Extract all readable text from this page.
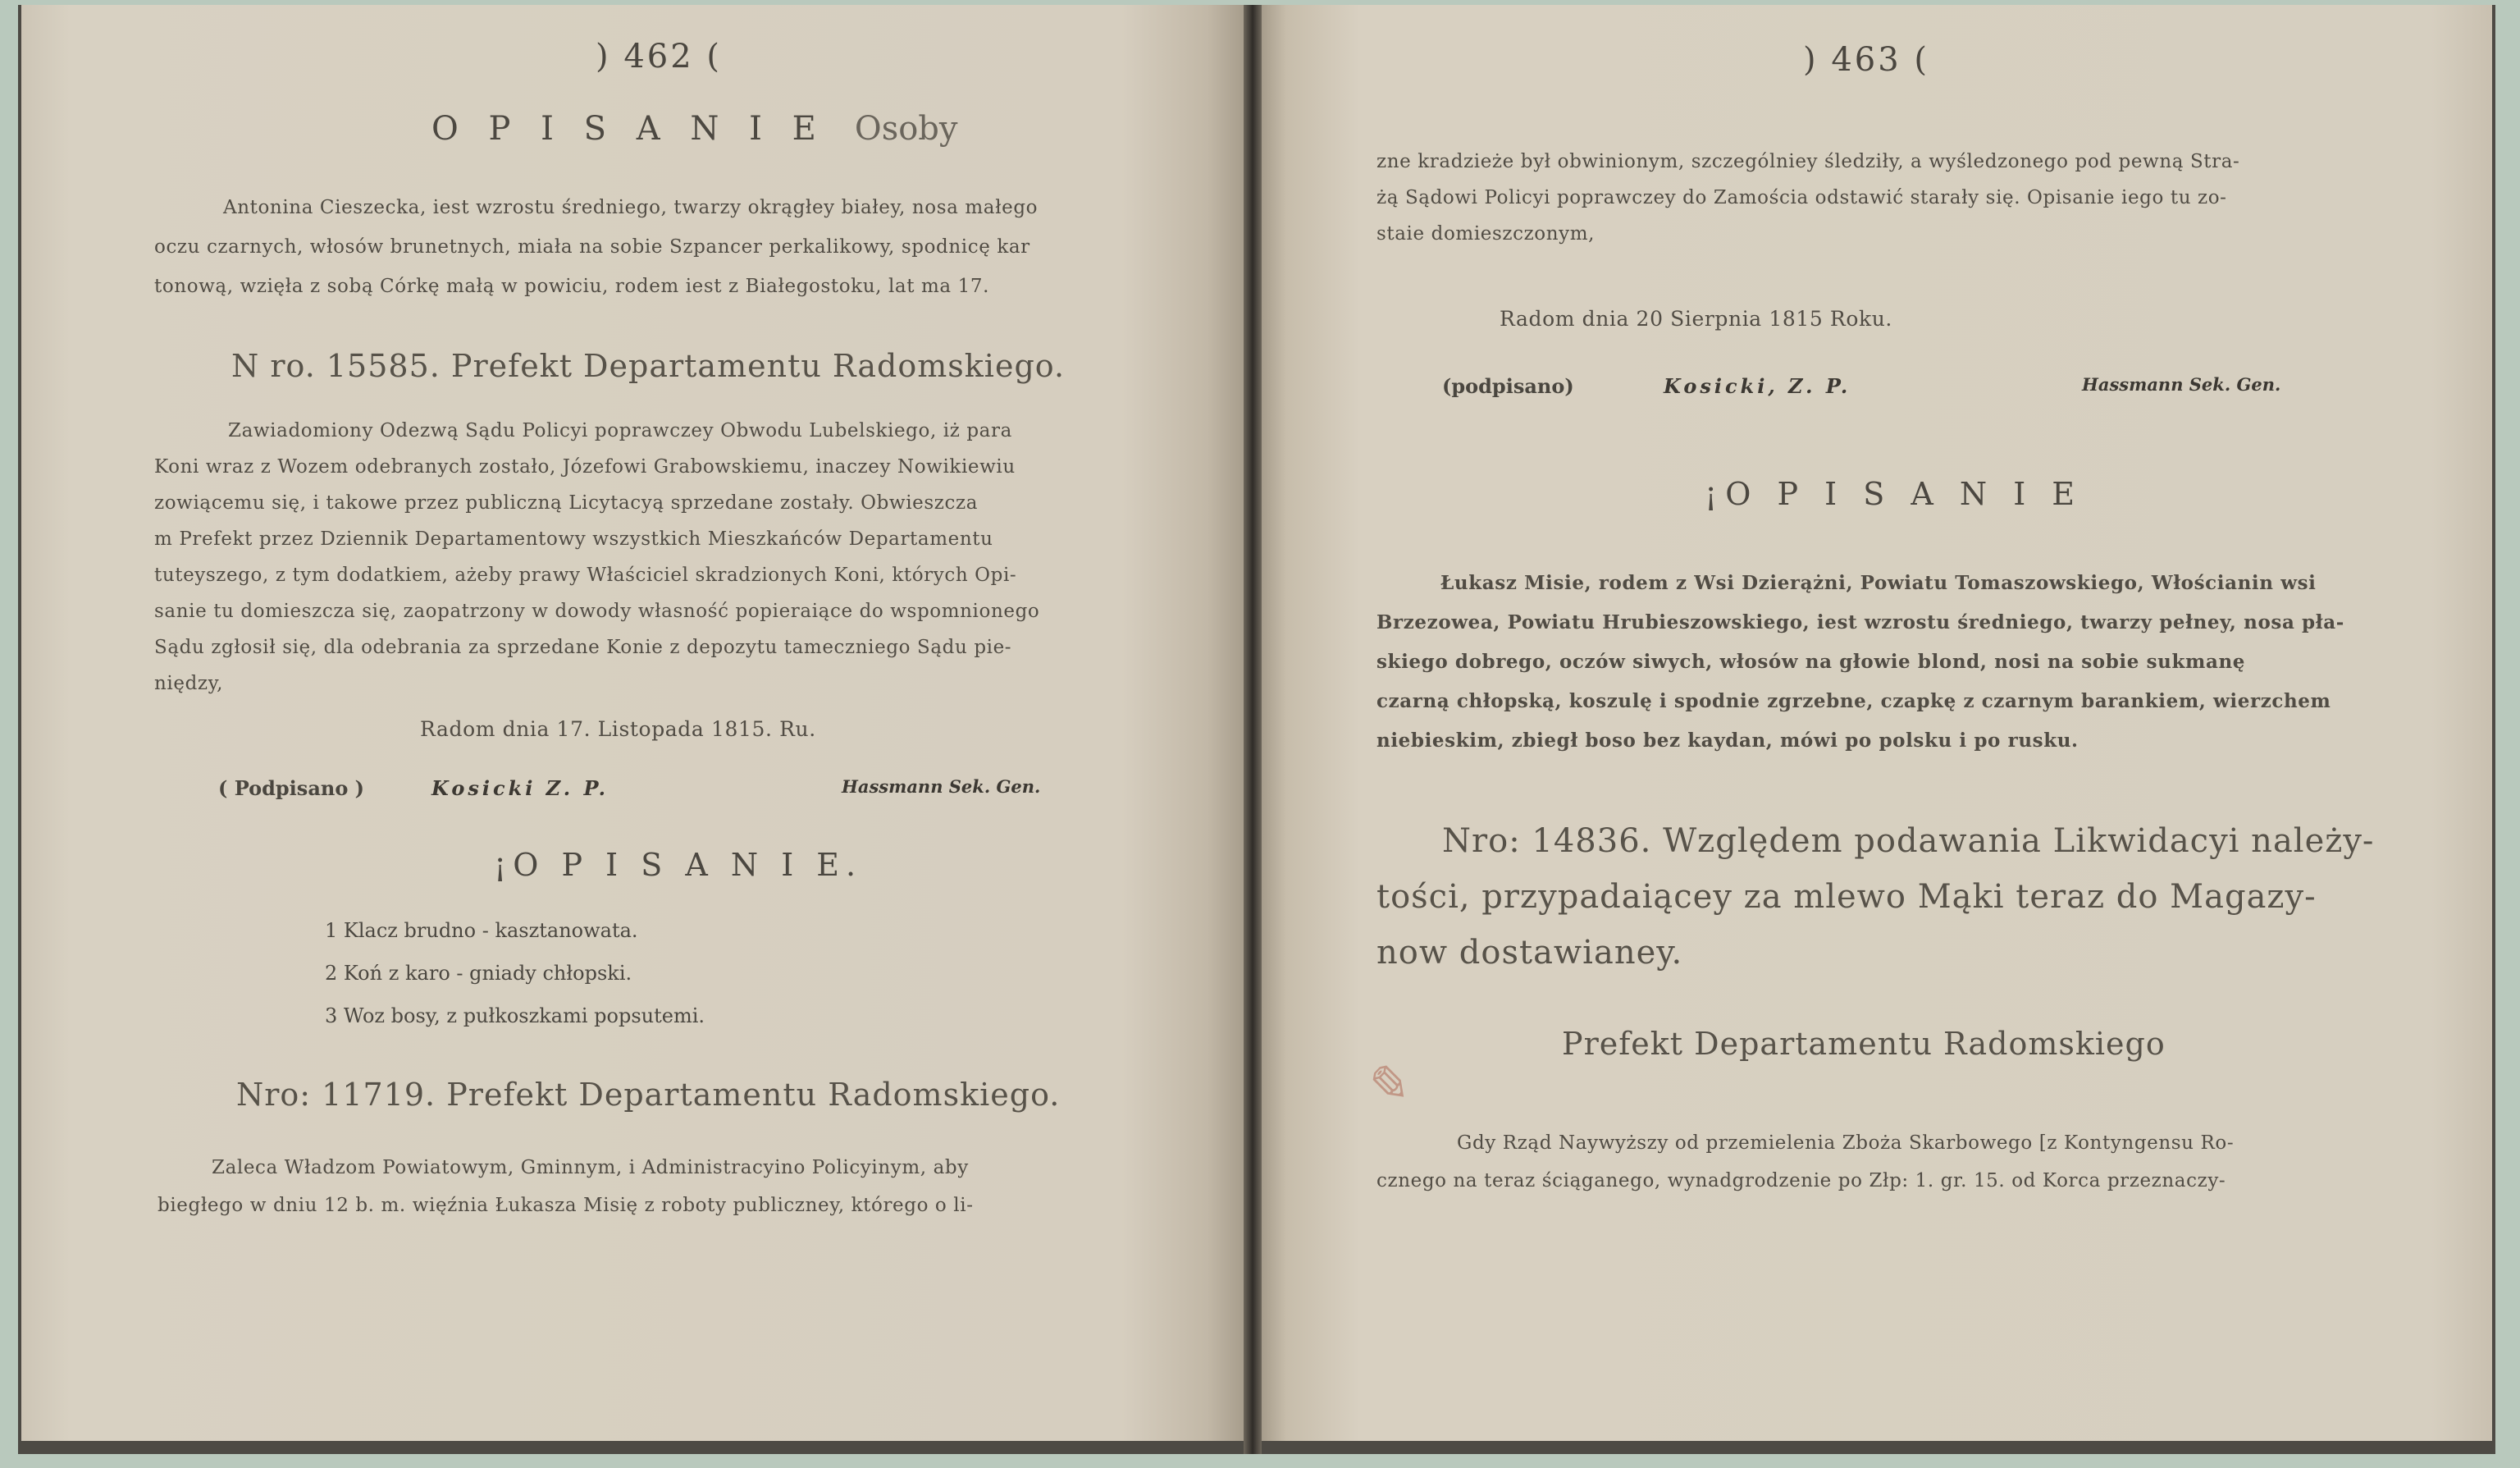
) 462 (
O P I S A N I E Osoby
Antonina Cieszecka, iest wzrostu średniego, twarzy okrągłey białey, nosa małego
oczu czarnych, włosów brunetnych, miała na sobie Szpancer perkalikowy, spodnicę kar
tonową, wzięła z sobą Córkę małą w powiciu, rodem iest z Białegostoku, lat ma 17.
N ro. 15585. Prefekt Departamentu Radomskiego.
Zawiadomiony Odezwą Sądu Policyi poprawczey Obwodu Lubelskiego, iż para
Koni wraz z Wozem odebranych zostało, Józefowi Grabowskiemu, inaczey Nowikiewiu
zowiącemu się, i takowe przez publiczną Licytacyą sprzedane zostały. Obwieszcza
m Prefekt przez Dziennik Departamentowy wszystkich Mieszkańców Departamentu
tuteyszego, z tym dodatkiem, ażeby prawy Właściciel skradzionych Koni, których Opi-
sanie tu domieszcza się, zaopatrzony w dowody własność popieraiące do wspomnionego
Sądu zgłosił się, dla odebrania za sprzedane Konie z depozytu tameczniego Sądu pie-
niędzy,
Radom dnia 17. Listopada 1815. Ru.
( Podpisano )	Kosicki Z. P.	Hassmann Sek. Gen.
¡O P I S A N I E.
1 Klacz brudno - kasztanowata.
2 Koń z karo - gniady chłopski.
3 Woz bosy, z pułkoszkami popsutemi.
Nro: 11719. Prefekt Departamentu Radomskiego.
Zaleca Władzom Powiatowym, Gminnym, i Administracyino Policyinym, aby
biegłego w dniu 12 b. m. więźnia Łukasza Misię z roboty publiczney, którego o li-
) 463 (
zne kradzieże był obwinionym, szczególniey śledziły, a wyśledzonego pod pewną Stra-
żą Sądowi Policyi poprawczey do Zamościa odstawić starały się. Opisanie iego tu zo-
staie domieszczonym,
Radom dnia 20 Sierpnia 1815 Roku.
(podpisano)	Kosicki, Z. P.	Hassmann Sek. Gen.
¡O P I S A N I E
Łukasz Misie, rodem z Wsi Dzierążni, Powiatu Tomaszowskiego, Włościanin wsi
Brzezowea, Powiatu Hrubieszowskiego, iest wzrostu średniego, twarzy pełney, nosa pła-
skiego dobrego, oczów siwych, włosów na głowie blond, nosi na sobie sukmanę
czarną chłopską, koszulę i spodnie zgrzebne, czapkę z czarnym barankiem, wierzchem
niebieskim, zbiegł boso bez kaydan, mówi po polsku i po rusku.
Nro: 14836. Względem podawania Likwidacyi należy-
tości, przypadaiącey za mlewo Mąki teraz do Magazy-
now dostawianey.
Prefekt Departamentu Radomskiego
Gdy Rząd Naywyższy od przemielenia Zboża Skarbowego [z Kontyngensu Ro-
cznego na teraz ściąganego, wynadgrodzenie po Złp: 1. gr. 15. od Korca przeznaczy-
✎
